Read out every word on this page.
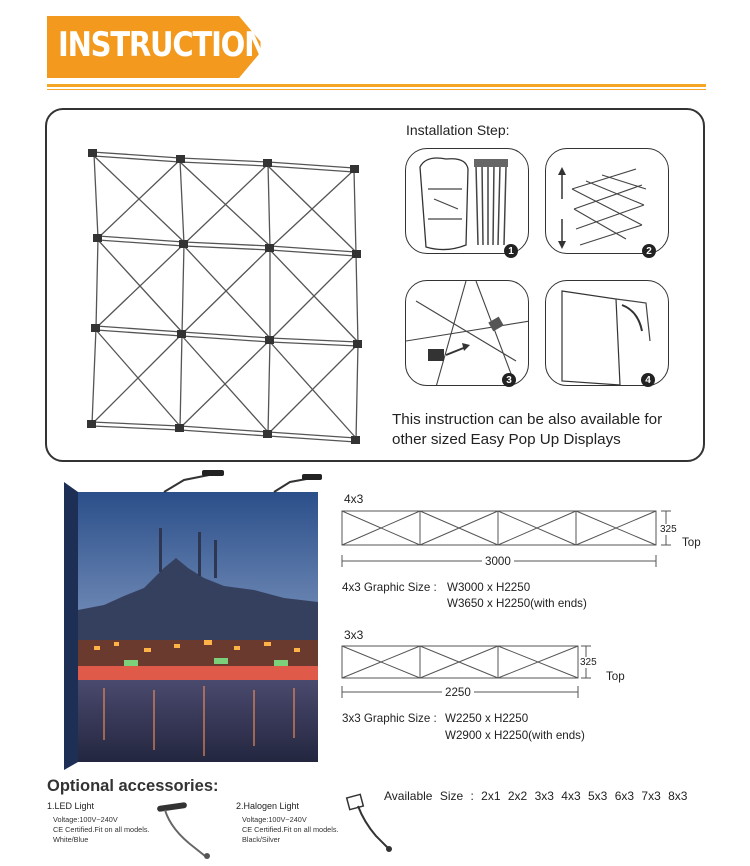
INSTRUCTION
Installation Step:
1	2
3	4
This instruction can be also available for
other sized Easy Pop Up Displays
4x3
3000
325
Top
4x3 Graphic Size : W3000 x H2250
W3650 x H2250(with ends)
3x3
2250
325
Top
3x3 Graphic Size : W2250 x H2250
W2900 x H2250(with ends)
Optional accessories:
1.LED Light
Voltage:100V~240V
CE Certified.Fit on all models.
White/Blue
2.Halogen Light
Voltage:100V~240V
CE Certified.Fit on all models.
Black/Silver
Available Size : 2x1 2x2 3x3 4x3 5x3 6x3 7x3 8x3
